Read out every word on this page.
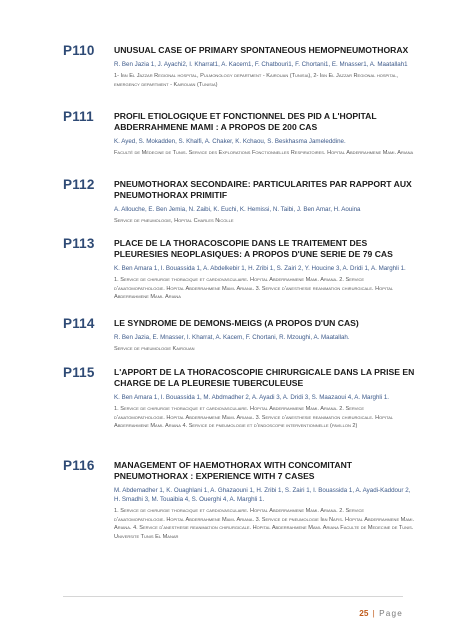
P110 UNUSUAL CASE OF PRIMARY SPONTANEOUS HEMOPNEUMOTHORAX

R. Ben Jazia 1, J. Ayachi2, I. Kharrat1, A. Kacem1, F. Chatbouri1, F. Chortani1, E. Mnasser1, A. Maatallah1

1- Ibn El Jazzar Regional hospital, Pulmonology department - Kairouan (Tunisia), 2- Ibn El Jazzar Regional hospital, emergency department - Kairouan (Tunisia)

P111 PROFIL ETIOLOGIQUE ET FONCTIONNEL DES PID A L'HOPITAL ABDERRAHMENE MAMI : A PROPOS DE 200 CAS

K. Ayed, S. Mokadden, S. Khalfi, A. Chaker, K. Kchaou, S. Beskhasma Jameleddine.

Faculté de Médecine de Tunis. Service des Explorations Fonctionnelles Respiratoires. Hopital Abderrahmene Mami. Ariana

P112 PNEUMOTHORAX SECONDAIRE: PARTICULARITES PAR RAPPORT AUX PNEUMOTHORAX PRIMITIF

A. Allouche, E. Ben Jemia, N. Zaibi, K. Euchi, K. Hemissi, N. Taibi, J. Ben Amar, H. Aouina

Service de pneumologie, Hopital Charles Nicolle

P113 PLACE DE LA THORACOSCOPIE DANS LE TRAITEMENT DES PLEURESIES NEOPLASIQUES: A PROPOS D'UNE SERIE DE 79 CAS

K. Ben Amara 1, I. Bouassida 1, A. Abdelkebir 1, H. Zribi 1, S. Zairi 2, Y. Houcine 3, A. Dridi 1, A. Marghli 1.

1. Service de chirurgie thoracique et cardiovasculaire. Hopital Abderrahmene Mami. Ariana. 2. Service d'anatomopathologie. Hopital Abderrahmene Mami. Ariana. 3. Service d'anesthesie reanimation chirurgicale. Hopital Abderrahmene Mami. Ariana

P114 LE SYNDROME DE DEMONS-MEIGS (A PROPOS D'UN CAS)

R. Ben Jazia, E. Mnasser, I. Kharrat, A. Kacem, F. Chortani, R. Mzoughi, A. Maatallah.

Service de pneumologie Kairouan

P115 L'APPORT DE LA THORACOSCOPIE CHIRURGICALE DANS LA PRISE EN CHARGE DE LA PLEURESIE TUBERCULEUSE

K. Ben Amara 1, I. Bouassida 1, M. Abdmadher 2, A. Ayadi 3, A. Dridi 3, S. Maazaoui 4, A. Marghli 1.

1. Service de chirurgie thoracique et cardiovasculaire. Hopital Abderrahmene Mami. Ariana. 2. Service d'anatomopathologie. Hopital Abderrahmene Mami. Ariana. 3. Service d'anesthesie reanimation chirurgicale. Hopital Abderrahmene Mami. Ariana 4. Service de pneumologie et d'endoscopie interventionnelle (pavillon 2)

P116 MANAGEMENT OF HAEMOTHORAX WITH CONCOMITANT PNEUMOTHORAX : EXPERIENCE WITH 7 CASES

M. Abdemadher 1, K. Ouaghlani 1, A. Ghazaouni 1, H. Zribi 1, S. Zairi 1, I. Bouassida 1, A. Ayadi-Kaddour 2, H. Smadhi 3, M. Touaibia 4, S. Ouerghi 4, A. Marghli 1.

1. Service de chirurgie thoracique et cardiovasculaire. Hopital Abderrahmene Mami. Ariana. 2. Service d'anatomopathologie. Hopital Abderrahmene Mami. Ariana. 3. Service de pneumologie Ibn Nafis. Hopital Abderrahmene Mami. Ariana. 4. Service d'anesthesie reanimation chirurgicale. Hopital Abderrahmene Mami. Ariana Faculte de Medecine de Tunis. Universite Tunis El Manar

25 | Page
